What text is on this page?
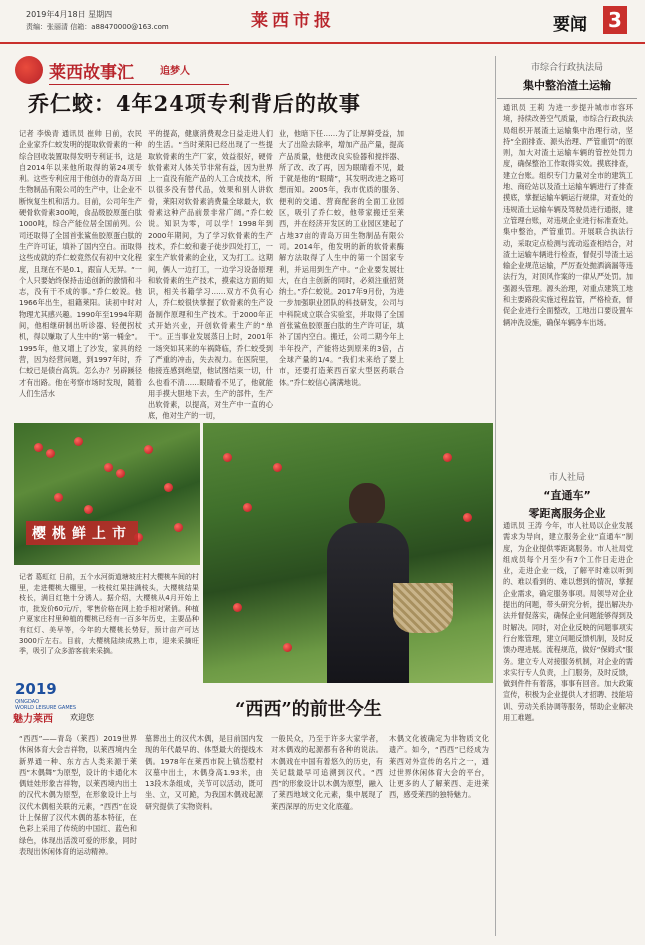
2019年4月18日 星期四
责编：张丽清 信箱：a88470000@163.com	莱西市报	要闻 3
莱西故事汇	追梦人
乔仁蛟：4年24项专利背后的故事
记者 李焕青 通讯员 崔帅 日前，农民企业家乔仁蛟发明的提取软骨素的一种综合回收装置取得发明专利证书，这是自2014年以来他所取得的第24项专利。这些专利应用于他创办的青岛万田生物制品有限公司的生产中，让企业不断恢复生机和活力。目前，公司年生产硬骨软骨素300吨，食品级胶原蛋白肽1000吨，综合产能位居全国前列。公司还取得了全国首张鲨鱼胶原蛋白肽的生产许可证，填补了国内空白。而取得这些成就的乔仁蛟竟然仅有初中文化程度，且现在不是0.1，跟盲人无异。“一个人只要始终保持击追创新的激情和斗志，没有干不成的事。”乔仁蛟说。他1966年出生，祖籍莱阳。读初中时对物理尤其感兴趣。1990年至1994年期间，他相继研制出听诊器、轻便拐杖机，得以赚取了人生中的“第一桶金”。1995年，他又增上了沙发，家具的经营，因为经营问题，到1997年时，乔仁蛟已是债台高筑。怎么办？另辟蹊径才有出路。他在考察市场时发现，随着人们生活水
平的提高，健康消费观念日益走进人们的生活。“当时莱阳已经出现了一些提取软骨素的生产厂家，效益很好，硬骨软骨素对人体关节非常有益，因为世界上一直没有能产品的人工合成技术，所以很多没有替代品，效果和别人讲软骨，莱阳对软骨素消费量全球最大，软骨素这种产品前景非常广阔。”乔仁蛟说。知识为零，可以学！1998年到2000年期间，为了学习软骨素的生产技术，乔仁蛟和妻子徒步四处打工，一家生产软骨素的企业，又为打工。这期间，俩人一边打工，一边学习设备原理和软骨素的生产技术，摸索这方面的知识，相关书籍学习……双方不负有心人，乔仁蛟很快掌握了软骨素的生产设备制作原理和生产技术。于2000年正式开始兴业，开创软骨素生产的“单干”。正当事业发展蒸日上时，2001年一场突如其来的车祸降临，乔仁蛟受到了严重的冲击，失去视力。在医院里，他接连感到绝望，他试图结束一切，什么也看不清……眼睛看不见了，他就能用手摸大胆地下去，生产的部件，生产出软骨素，以提高，对生产中一直的心底，他对生产的一切，
业，他暗下任……为了让厚鲜受益，加大了出险去除率，增加产品产量，提高产品质量，他便改良实验器和搅拌器、所了改、改了再，因为眼睛看不见，最于就是他的“眼睛”，其发明改进之路可想而知。2005年，我市优质的服务、便利的交通、营商配套的全面工业园区，吸引了乔仁蛟，他带家搬迁至莱西，并在经济开发区的工业园区建起了占地37亩的青岛万田生物制品有限公司。2014年，他发明的新的软骨素酶解方法取得了人生中的第一个国家专利，并运用到生产中。“企业要发展壮大，在自主创新的同时，必须注重招贤纳士。”乔仁蛟说。2017年9月份，为进一步加强职业团队的科技研发，公司与中科院成立联合实验室，并取得了全国首张鲨鱼胶原蛋白肽的生产许可证，填补了国内空白。搬迁，公司二期今年上半年投产，产能将达到原来的3倍，占全球产量的1/4。“我们未来给了要上市，还要打造莱西百家大型医药联合体。”乔仁蛟信心满满地说。
市综合行政执法局
集中整治渣土运输
通讯员 王莉 为进一步提升城市市容环境，持续改善空气质量，市综合行政执法局组织开展渣土运输集中治理行动，坚持“全面排查、源头治理、严管重罚”的原则，加大对渣土运输车辆的管控处罚力度，确保整治工作取得实效。摸底排查，建立台账。组织专门力量对全市的建筑工地、商砼站以及渣土运输车辆进行了排查摸底，掌握运输车辆运行规律，对查处的违规渣土运输车辆及驾驶员进行通报，建立管理台账，对违规企业进行标准查处。集中整治，严管重罚。开展联合执法行动，采取定点检测与流动巡查相结合，对渣土运输车辆进行检查，督促引导渣土运输企业规范运输，严厉查处抛洒滴漏等违法行为，对顶风作案的一律从严处罚。加强源头管理。源头治理，对重点建筑工地和主要路段实施过程监管，严格检查，督促企业进行全面整改，工地出口要设置车辆冲洗设施，确保车辆净车出场。
樱桃鲜上市
记者 葛虹红 日前，五个水河街道塘坡庄村大樱桃车间的村里，走进樱桃大棚里，一枝枝红果挂满枝头，大樱桃结果枝长，满目红艳十分诱人。据介绍，大樱桃从4月开始上市，批发价60元/斤，零售价格在网上抢手相对紧俏。种植户夏家庄村里种植的樱桃已经有一百多年历史，主要品种有红灯、美早等，今年的大樱桃长势好，预计亩产可达3000斤左右。目前，大樱桃陆续成熟上市，迎来采摘旺季，吸引了众多游客前来采摘。
市人社局
“直通车”
零距离服务企业
通讯员 王涛 今年，市人社局以企业发展需求为导向，建立服务企业“直通车”制度，为企业提供零距离服务。市人社局党组成员每个月至少有7个工作日走进企业，走进企业一线，了解平时难以听到的、难以看到的、难以想到的情况，掌握企业需求，确定服务事项。局领导对企业提出的问题，带头研究分析，提出解决办法并督促落实，确保企业问题能够得到及时解决。同时，对企业反映的问题事项实行台账管理，建立问题反馈机制，及时反馈办理进展。流程规范，做好“保姆式”服务。建立专人对接服务机制，对企业的需求实行专人负责，上门服务，及时反馈，做到件件有着落，事事有回音。加大政策宣传，积极为企业提供人才招聘、技能培训、劳动关系协调等服务，帮助企业解决用工难题。
2019
QINGDAO
WORLD LEISURE GAMES
魅力莱西 欢迎您	“西西”的前世今生
“西西”——青岛（莱西）2019世界休闲体育大会吉祥物，以莱西境内全新界通一种、东方古人类来源于莱西“木偶舞”为原型，设计的卡通化木偶娃娃形象吉祥物，以莱西境内出土的汉代木偶为原型，在形象设计上与汉代木偶相关联的元素，“西西”在设计上保留了汉代木偶的基本特征，在色彩上采用了传统的中国红、蓝色和绿色，体现出活泼可爱的形象，同时表现出休闲体育的运动精神。
墓葬出土的汉代木偶，是目前国内发现的年代最早的、体型最大的提线木偶。1978年在莱西市院上镇岱墅村汉墓中出土，木偶身高1.93米，由13段木条组成，关节可以活动，既可坐、立，又可跪，为我国木偶戏起源研究提供了实物资料。
一般民众，乃至于许多大家学者，对木偶戏的起源都有各种的说法。木偶戏在中国有着悠久的历史，有关记载最早可追溯到汉代。“西西”的形象设计以木偶为原型，融入了莱西地域文化元素，集中展现了莱西深厚的历史文化底蕴。
木偶文化被确定为非物质文化遗产。如今，“西西”已经成为莱西对外宣传的名片之一，通过世界休闲体育大会的平台，让更多的人了解莱西、走进莱西，感受莱西的独特魅力。
